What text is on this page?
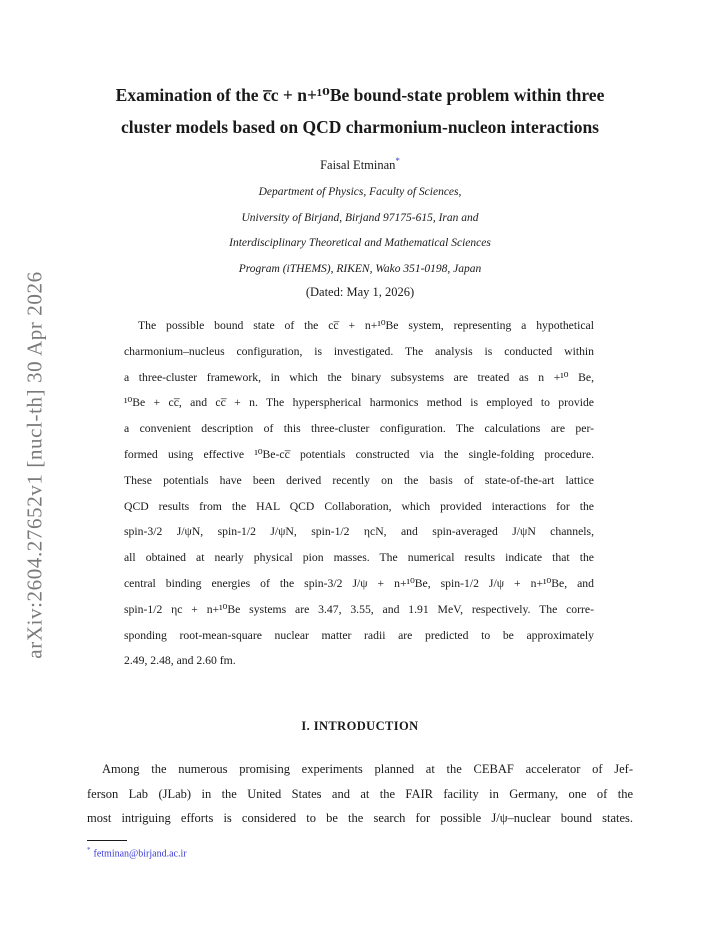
arXiv:2604.27652v1 [nucl-th] 30 Apr 2026
Examination of the c̅c + n+¹⁰Be bound-state problem within three
cluster models based on QCD charmonium-nucleon interactions
Faisal Etminan*
Department of Physics, Faculty of Sciences,
University of Birjand, Birjand 97175-615, Iran and
Interdisciplinary Theoretical and Mathematical Sciences
Program (iTHEMS), RIKEN, Wako 351-0198, Japan
(Dated: May 1, 2026)
The possible bound state of the cc̅ + n+¹⁰Be system, representing a hypothetical
charmonium–nucleus configuration, is investigated. The analysis is conducted within
a three-cluster framework, in which the binary subsystems are treated as n +¹⁰ Be,
¹⁰Be + cc̅, and cc̅ + n. The hyperspherical harmonics method is employed to provide
a convenient description of this three-cluster configuration. The calculations are per-
formed using effective ¹⁰Be-cc̅ potentials constructed via the single-folding procedure.
These potentials have been derived recently on the basis of state-of-the-art lattice
QCD results from the HAL QCD Collaboration, which provided interactions for the
spin-3/2 J/ψN, spin-1/2 J/ψN, spin-1/2 ηcN, and spin-averaged J/ψN channels,
all obtained at nearly physical pion masses. The numerical results indicate that the
central binding energies of the spin-3/2 J/ψ + n+¹⁰Be, spin-1/2 J/ψ + n+¹⁰Be, and
spin-1/2 ηc + n+¹⁰Be systems are 3.47, 3.55, and 1.91 MeV, respectively. The corre-
sponding root-mean-square nuclear matter radii are predicted to be approximately
2.49, 2.48, and 2.60 fm.
I. INTRODUCTION
Among the numerous promising experiments planned at the CEBAF accelerator of Jef-
ferson Lab (JLab) in the United States and at the FAIR facility in Germany, one of the
most intriguing efforts is considered to be the search for possible J/ψ–nuclear bound states.
* fetminan@birjand.ac.ir
